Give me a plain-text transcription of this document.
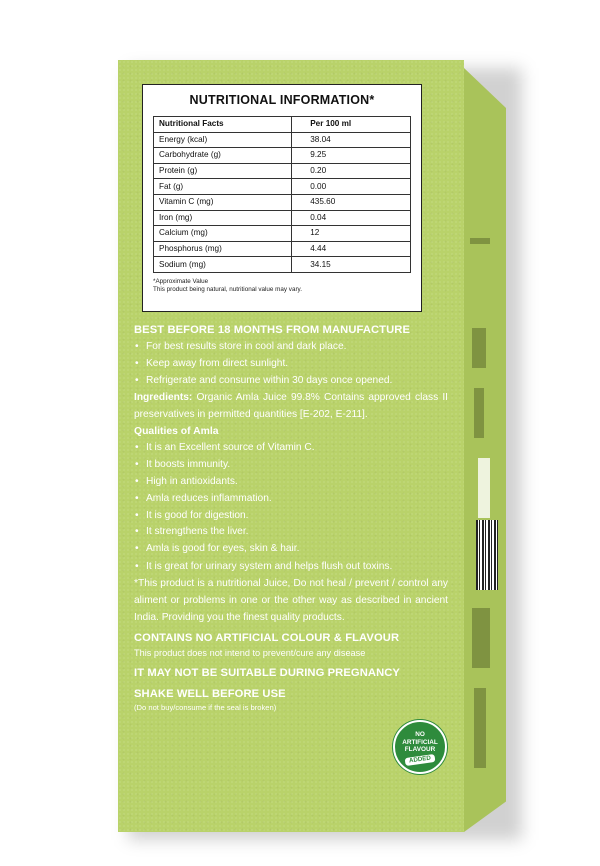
NUTRITIONAL INFORMATION*
Nutritional Facts	Per 100 ml
Energy (kcal)	38.04
Carbohydrate (g)	9.25
Protein (g)	0.20
Fat (g)	0.00
Vitamin C (mg)	435.60
Iron (mg)	0.04
Calcium (mg)	12
Phosphorus (mg)	4.44
Sodium (mg)	34.15
*Approximate Value
This product being natural, nutritional value may vary.
BEST BEFORE 18 MONTHS FROM MANUFACTURE
• For best results store in cool and dark place.
• Keep away from direct sunlight.
• Refrigerate and consume within 30 days once opened.
Ingredients: Organic Amla Juice 99.8% Contains approved class II preservatives in permitted quantities [E-202, E-211].
Qualities of Amla
• It is an Excellent source of Vitamin C.
• It boosts immunity.
• High in antioxidants.
• Amla reduces inflammation.
• It is good for digestion.
• It strengthens the liver.
• Amla is good for eyes, skin & hair.
• It is great for urinary system and helps flush out toxins.
*This product is a nutritional Juice, Do not heal / prevent / control any aliment or problems in one or the other way as described in ancient India. Providing you the finest quality products.
CONTAINS NO ARTIFICIAL COLOUR & FLAVOUR
This product does not intend to prevent/cure any disease
IT MAY NOT BE SUITABLE DURING PREGNANCY
SHAKE WELL BEFORE USE
(Do not buy/consume if the seal is broken)
NO
ARTIFICIAL
FLAVOUR
ADDED
